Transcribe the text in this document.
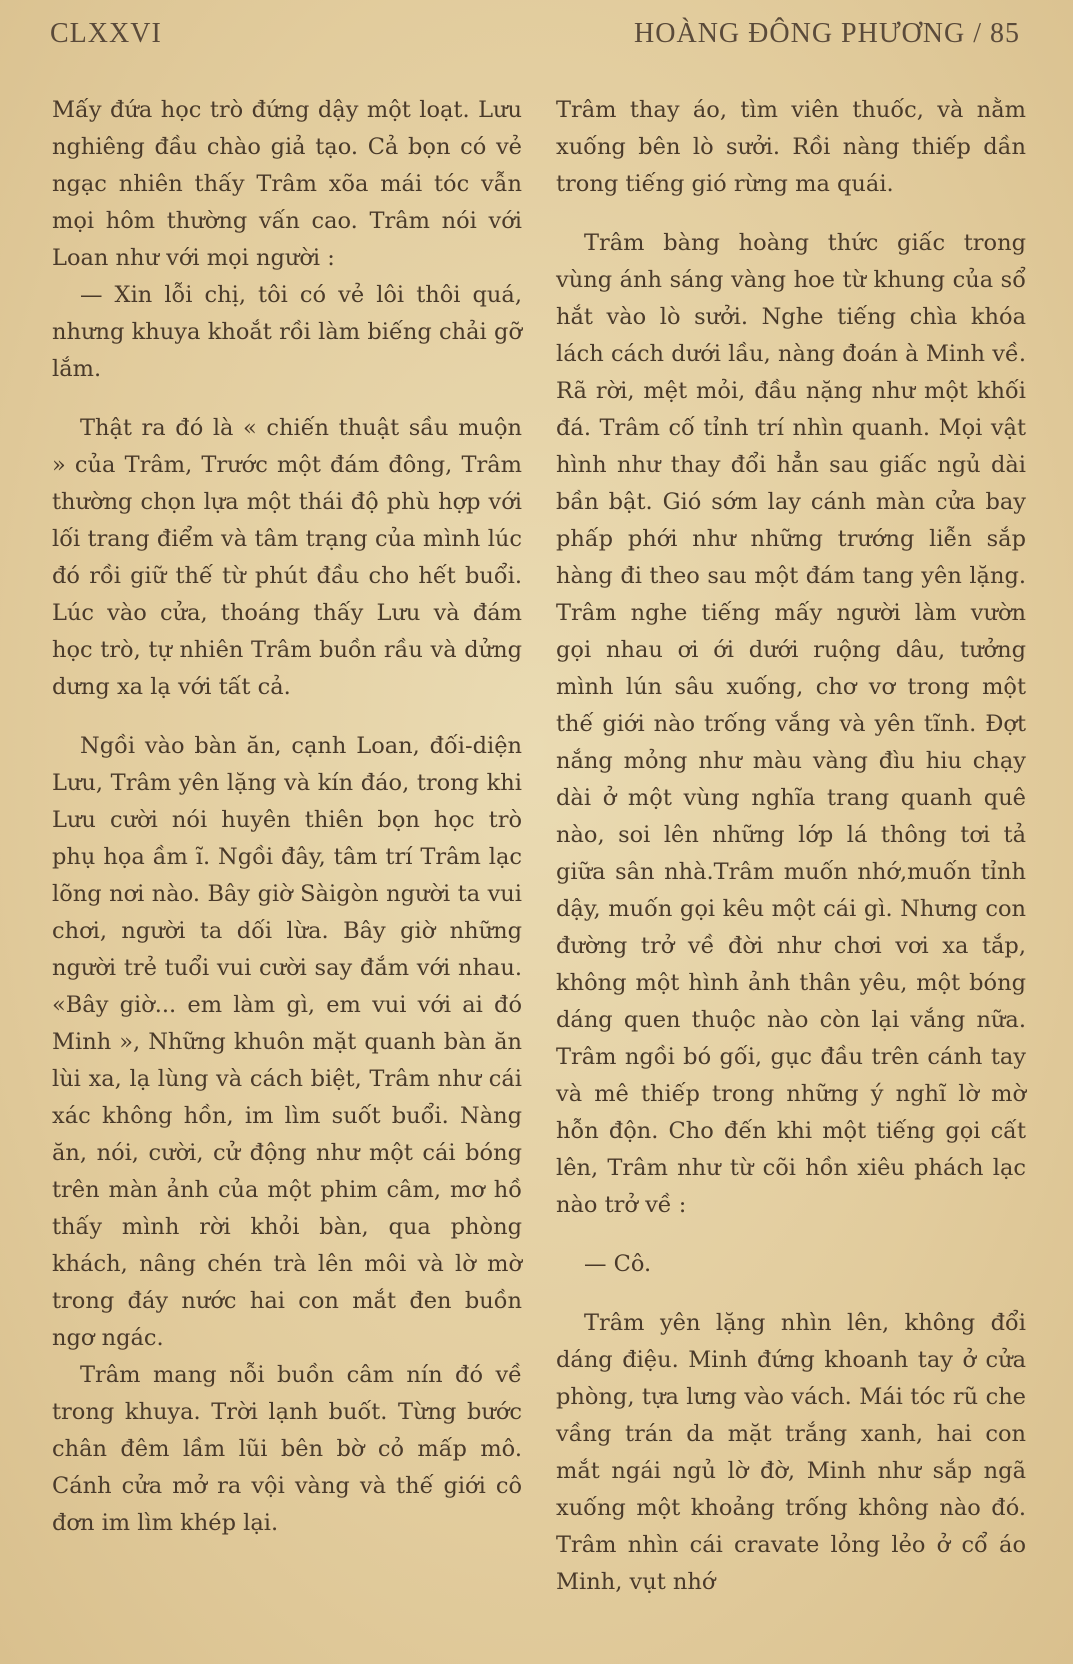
CLXXVI	HOÀNG ĐÔNG PHƯƠNG / 85

Mấy đứa học trò đứng dậy một loạt. Lưu nghiêng đầu chào giả tạo. Cả bọn có vẻ ngạc nhiên thấy Trâm xõa mái tóc vẫn mọi hôm thường vấn cao. Trâm nói với Loan như với mọi người :

— Xin lỗi chị, tôi có vẻ lôi thôi quá, nhưng khuya khoắt rồi làm biếng chải gỡ lắm.

Thật ra đó là « chiến thuật sầu muộn » của Trâm, Trước một đám đông, Trâm thường chọn lựa một thái độ phù hợp với lối trang điểm và tâm trạng của mình lúc đó rồi giữ thế từ phút đầu cho hết buổi. Lúc vào cửa, thoáng thấy Lưu và đám học trò, tự nhiên Trâm buồn rầu và dửng dưng xa lạ với tất cả.

Ngồi vào bàn ăn, cạnh Loan, đối-diện Lưu, Trâm yên lặng và kín đáo, trong khi Lưu cười nói huyên thiên bọn học trò phụ họa ầm ĩ. Ngồi đây, tâm trí Trâm lạc lõng nơi nào. Bây giờ Sàigòn người ta vui chơi, người ta dối lừa. Bây giờ những người trẻ tuổi vui cười say đắm với nhau. «Bây giờ... em làm gì, em vui với ai đó Minh », Những khuôn mặt quanh bàn ăn lùi xa, lạ lùng và cách biệt, Trâm như cái xác không hồn, im lìm suốt buổi. Nàng ăn, nói, cười, cử động như một cái bóng trên màn ảnh của một phim câm, mơ hồ thấy mình rời khỏi bàn, qua phòng khách, nâng chén trà lên môi và lờ mờ trong đáy nước hai con mắt đen buồn ngơ ngác.

Trâm mang nỗi buồn câm nín đó về trong khuya. Trời lạnh buốt. Từng bước chân đêm lầm lũi bên bờ cỏ mấp mô. Cánh cửa mở ra vội vàng và thế giới cô đơn im lìm khép lại.

Trâm thay áo, tìm viên thuốc, và nằm xuống bên lò sưởi. Rồi nàng thiếp dần trong tiếng gió rừng ma quái.

Trâm bàng hoàng thức giấc trong vùng ánh sáng vàng hoe từ khung của sổ hắt vào lò sưởi. Nghe tiếng chìa khóa lách cách dưới lầu, nàng đoán à Minh về. Rã rời, mệt mỏi, đầu nặng như một khối đá. Trâm cố tỉnh trí nhìn quanh. Mọi vật hình như thay đổi hẳn sau giấc ngủ dài bần bật. Gió sớm lay cánh màn cửa bay phấp phới như những trướng liễn sắp hàng đi theo sau một đám tang yên lặng. Trâm nghe tiếng mấy người làm vườn gọi nhau ơi ới dưới ruộng dâu, tưởng mình lún sâu xuống, chơ vơ trong một thế giới nào trống vắng và yên tĩnh. Đợt nắng mỏng như màu vàng đìu hiu chạy dài ở một vùng nghĩa trang quanh quê nào, soi lên những lớp lá thông tơi tả giữa sân nhà.Trâm muốn nhớ,muốn tỉnh dậy, muốn gọi kêu một cái gì. Nhưng con đường trở về đời như chơi vơi xa tắp, không một hình ảnh thân yêu, một bóng dáng quen thuộc nào còn lại vắng nữa. Trâm ngồi bó gối, gục đầu trên cánh tay và mê thiếp trong những ý nghĩ lờ mờ hỗn độn. Cho đến khi một tiếng gọi cất lên, Trâm như từ cõi hồn xiêu phách lạc nào trở về :

— Cô.

Trâm yên lặng nhìn lên, không đổi dáng điệu. Minh đứng khoanh tay ở cửa phòng, tựa lưng vào vách. Mái tóc rũ che vầng trán da mặt trắng xanh, hai con mắt ngái ngủ lờ đờ, Minh như sắp ngã xuống một khoảng trống không nào đó. Trâm nhìn cái cravate lỏng lẻo ở cổ áo Minh, vụt nhớ
